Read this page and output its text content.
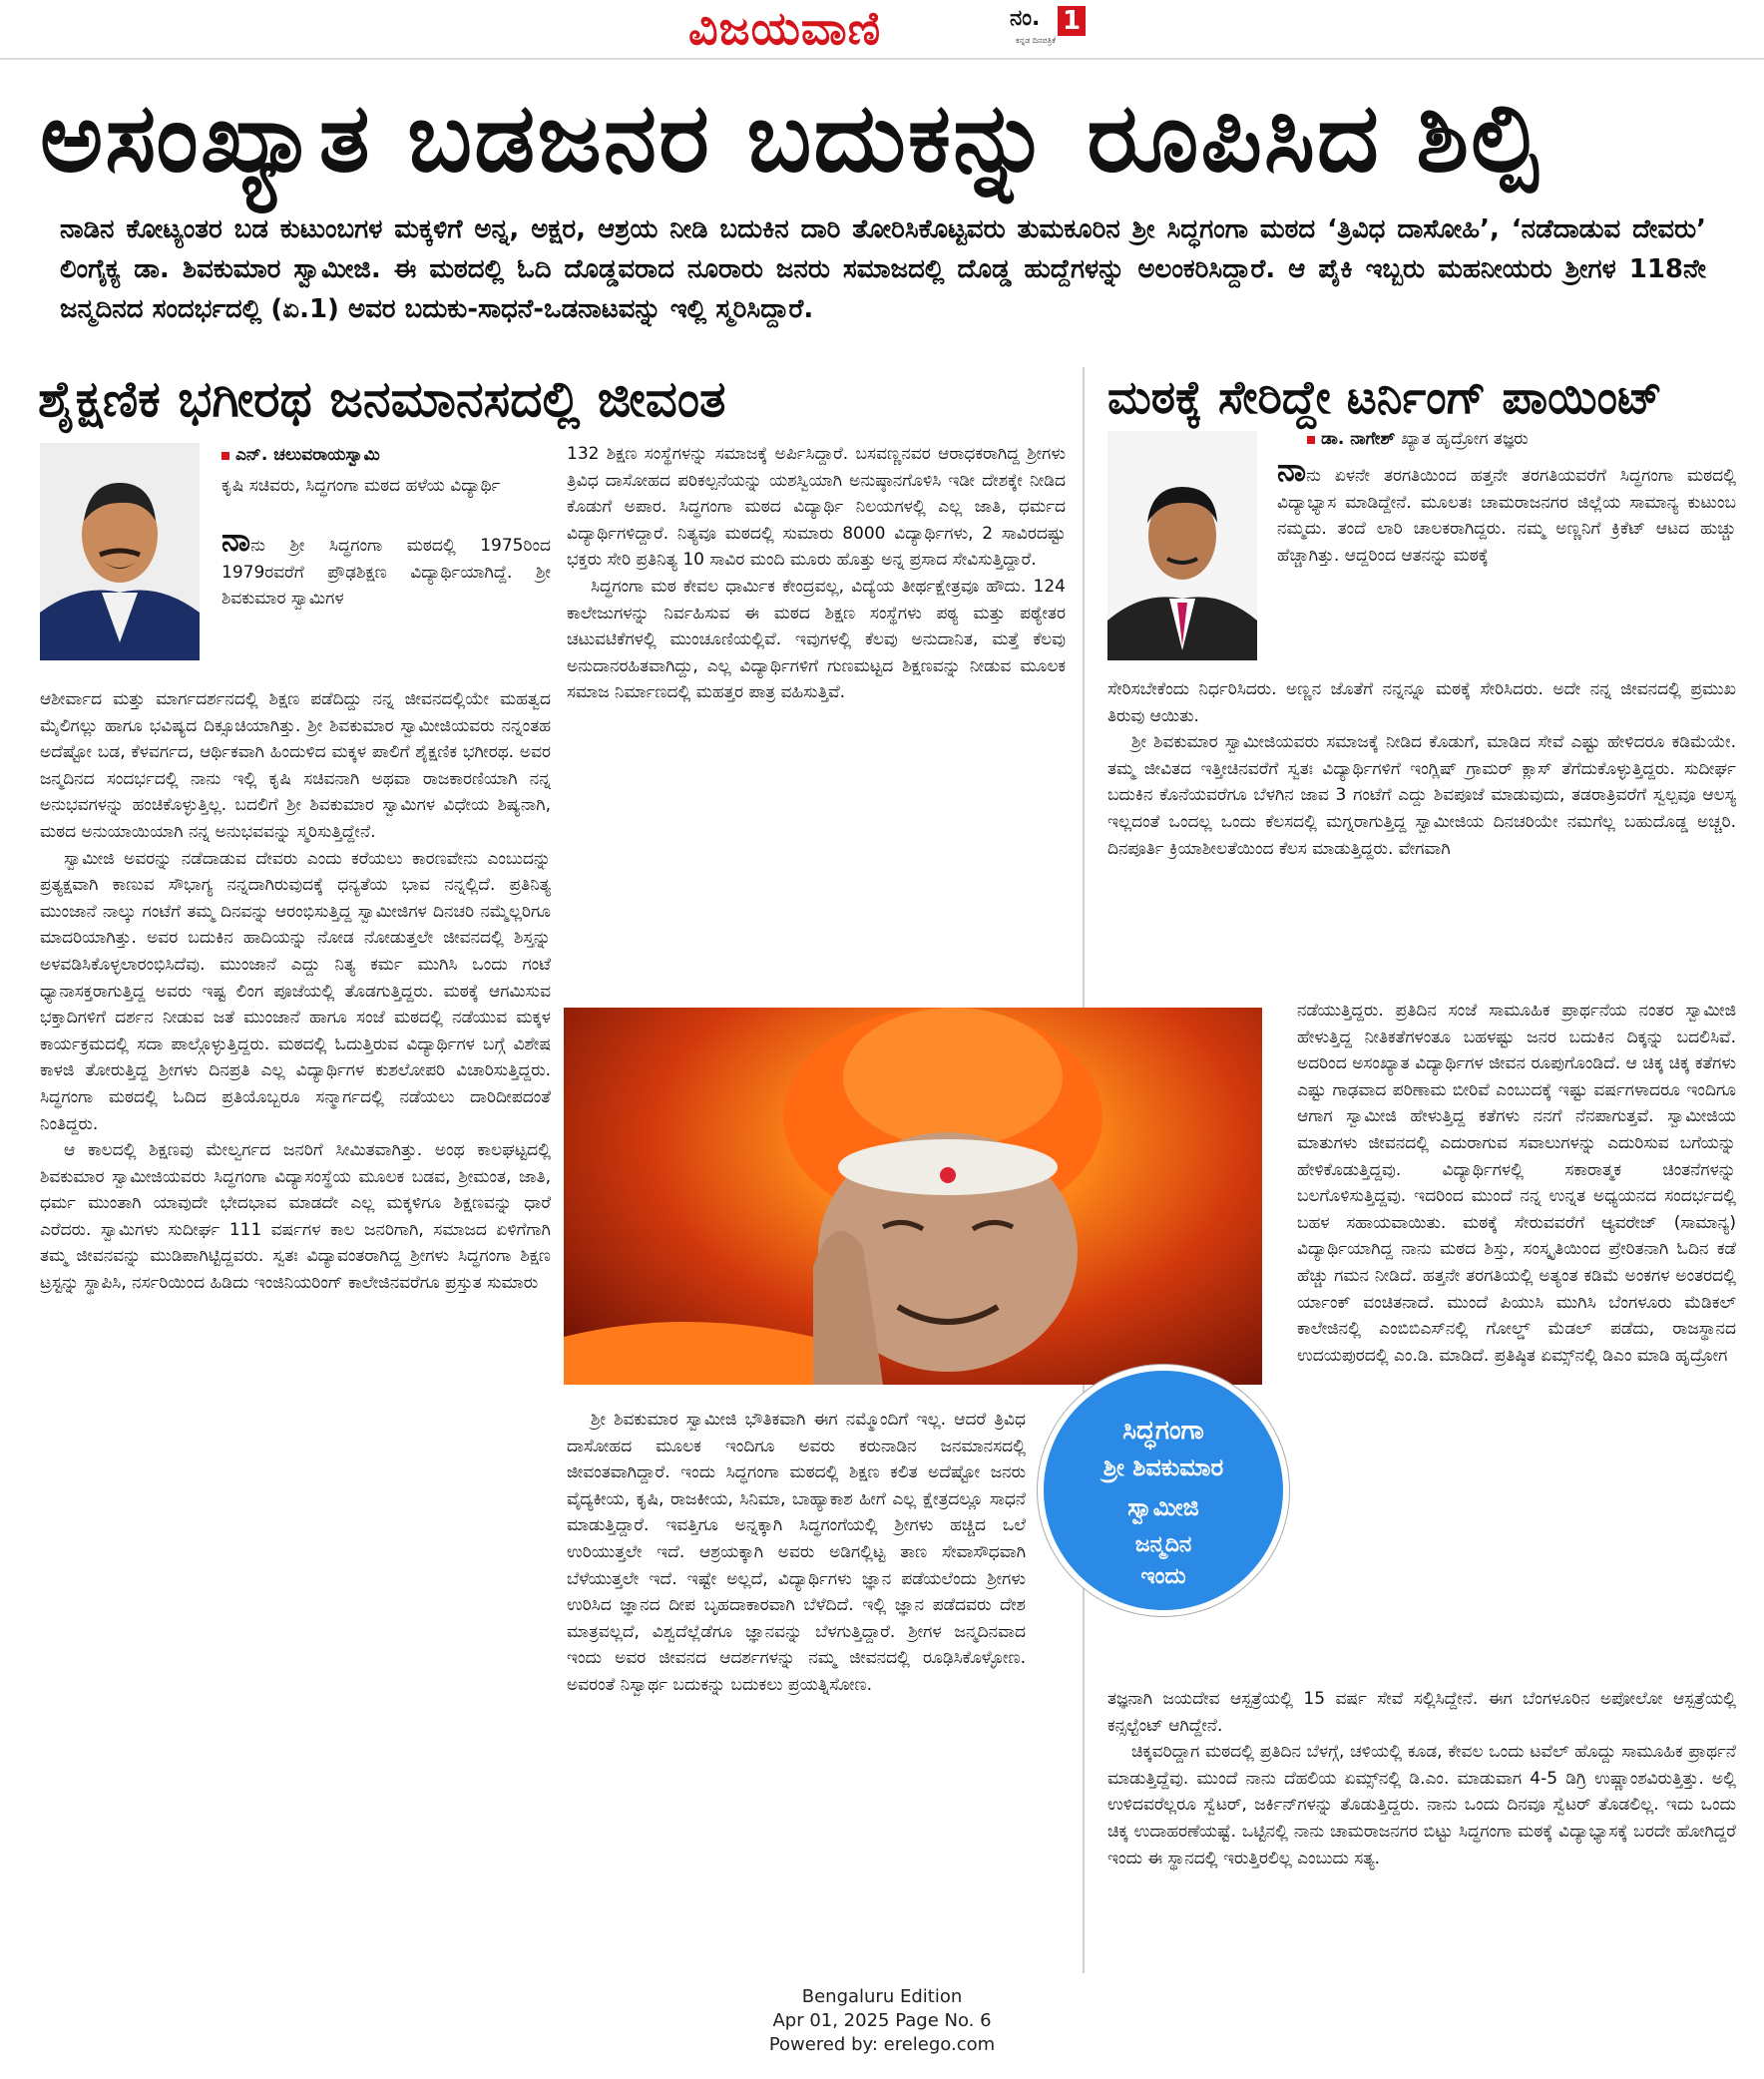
ವಿಜಯವಾಣಿ	ನಂ. 1
ಕನ್ನಡ ದಿನಪತ್ರಿಕೆ
ಅಸಂಖ್ಯಾತ ಬಡಜನರ ಬದುಕನ್ನು ರೂಪಿಸಿದ ಶಿಲ್ಪಿ
ನಾಡಿನ ಕೋಟ್ಯಂತರ ಬಡ ಕುಟುಂಬಗಳ ಮಕ್ಕಳಿಗೆ ಅನ್ನ, ಅಕ್ಷರ, ಆಶ್ರಯ ನೀಡಿ ಬದುಕಿನ ದಾರಿ ತೋರಿಸಿಕೊಟ್ಟವರು ತುಮಕೂರಿನ ಶ್ರೀ ಸಿದ್ಧಗಂಗಾ ಮಠದ ‘ತ್ರಿವಿಧ ದಾಸೋಹಿ’, ‘ನಡೆದಾಡುವ ದೇವರು’ ಲಿಂಗೈಕ್ಯ ಡಾ. ಶಿವಕುಮಾರ ಸ್ವಾಮೀಜಿ. ಈ ಮಠದಲ್ಲಿ ಓದಿ ದೊಡ್ಡವರಾದ ನೂರಾರು ಜನರು ಸಮಾಜದಲ್ಲಿ ದೊಡ್ಡ ಹುದ್ದೆಗಳನ್ನು ಅಲಂಕರಿಸಿದ್ದಾರೆ. ಆ ಪೈಕಿ ಇಬ್ಬರು ಮಹನೀಯರು ಶ್ರೀಗಳ 118ನೇ ಜನ್ಮದಿನದ ಸಂದರ್ಭದಲ್ಲಿ (ಏ.1) ಅವರ ಬದುಕು-ಸಾಧನೆ-ಒಡನಾಟವನ್ನು ಇಲ್ಲಿ ಸ್ಮರಿಸಿದ್ದಾರೆ.
ಶೈಕ್ಷಣಿಕ ಭಗೀರಥ ಜನಮಾನಸದಲ್ಲಿ ಜೀವಂತ	ಮಠಕ್ಕೆ ಸೇರಿದ್ದೇ ಟರ್ನಿಂಗ್ ಪಾಯಿಂಟ್
ಎನ್. ಚಲುವರಾಯಸ್ವಾಮಿ
ಕೃಷಿ ಸಚಿವರು, ಸಿದ್ಧಗಂಗಾ ಮಠದ ಹಳೆಯ ವಿದ್ಯಾರ್ಥಿ

ನಾನು ಶ್ರೀ ಸಿದ್ಧಗಂಗಾ ಮಠದಲ್ಲಿ 1975ರಿಂದ 1979ರವರೆಗೆ ಪ್ರೌಢಶಿಕ್ಷಣ ವಿದ್ಯಾರ್ಥಿಯಾಗಿದ್ದೆ. ಶ್ರೀ ಶಿವಕುಮಾರ ಸ್ವಾಮಿಗಳ

ಆಶೀರ್ವಾದ ಮತ್ತು ಮಾರ್ಗದರ್ಶನದಲ್ಲಿ ಶಿಕ್ಷಣ ಪಡೆದಿದ್ದು ನನ್ನ ಜೀವನದಲ್ಲಿಯೇ ಮಹತ್ವದ ಮೈಲಿಗಲ್ಲು ಹಾಗೂ ಭವಿಷ್ಯದ ದಿಕ್ಸೂಚಿಯಾಗಿತ್ತು. ಶ್ರೀ ಶಿವಕುಮಾರ ಸ್ವಾಮೀಜಿಯವರು ನನ್ನಂತಹ ಅದೆಷ್ಟೋ ಬಡ, ಕೆಳವರ್ಗದ, ಆರ್ಥಿಕವಾಗಿ ಹಿಂದುಳಿದ ಮಕ್ಕಳ ಪಾಲಿಗೆ ಶೈಕ್ಷಣಿಕ ಭಗೀರಥ. ಅವರ ಜನ್ಮದಿನದ ಸಂದರ್ಭದಲ್ಲಿ ನಾನು ಇಲ್ಲಿ ಕೃಷಿ ಸಚಿವನಾಗಿ ಅಥವಾ ರಾಜಕಾರಣಿಯಾಗಿ ನನ್ನ ಅನುಭವಗಳನ್ನು ಹಂಚಿಕೊಳ್ಳುತ್ತಿಲ್ಲ. ಬದಲಿಗೆ ಶ್ರೀ ಶಿವಕುಮಾರ ಸ್ವಾಮಿಗಳ ವಿಧೇಯ ಶಿಷ್ಯನಾಗಿ, ಮಠದ ಅನುಯಾಯಿಯಾಗಿ ನನ್ನ ಅನುಭವವನ್ನು ಸ್ಮರಿಸುತ್ತಿದ್ದೇನೆ.

ಸ್ವಾಮೀಜಿ ಅವರನ್ನು ನಡೆದಾಡುವ ದೇವರು ಎಂದು ಕರೆಯಲು ಕಾರಣವೇನು ಎಂಬುದನ್ನು ಪ್ರತ್ಯಕ್ಷವಾಗಿ ಕಾಣುವ ಸೌಭಾಗ್ಯ ನನ್ನದಾಗಿರುವುದಕ್ಕೆ ಧನ್ಯತೆಯ ಭಾವ ನನ್ನಲ್ಲಿದೆ. ಪ್ರತಿನಿತ್ಯ ಮುಂಜಾನೆ ನಾಲ್ಕು ಗಂಟೆಗೆ ತಮ್ಮ ದಿನವನ್ನು ಆರಂಭಿಸುತ್ತಿದ್ದ ಸ್ವಾಮೀಜಿಗಳ ದಿನಚರಿ ನಮ್ಮೆಲ್ಲರಿಗೂ ಮಾದರಿಯಾಗಿತ್ತು. ಅವರ ಬದುಕಿನ ಹಾದಿಯನ್ನು ನೋಡ ನೋಡುತ್ತಲೇ ಜೀವನದಲ್ಲಿ ಶಿಸ್ತನ್ನು ಅಳವಡಿಸಿಕೊಳ್ಳಲಾರಂಭಿಸಿದೆವು. ಮುಂಜಾನೆ ಎದ್ದು ನಿತ್ಯ ಕರ್ಮ ಮುಗಿಸಿ ಒಂದು ಗಂಟೆ ಧ್ಯಾನಾಸಕ್ತರಾಗುತ್ತಿದ್ದ ಅವರು ಇಷ್ಟ ಲಿಂಗ ಪೂಜೆಯಲ್ಲಿ ತೊಡಗುತ್ತಿದ್ದರು. ಮಠಕ್ಕೆ ಆಗಮಿಸುವ ಭಕ್ತಾದಿಗಳಿಗೆ ದರ್ಶನ ನೀಡುವ ಜತೆ ಮುಂಜಾನೆ ಹಾಗೂ ಸಂಜೆ ಮಠದಲ್ಲಿ ನಡೆಯುವ ಮಕ್ಕಳ ಕಾರ್ಯಕ್ರಮದಲ್ಲಿ ಸದಾ ಪಾಲ್ಗೊಳ್ಳುತ್ತಿದ್ದರು. ಮಠದಲ್ಲಿ ಓದುತ್ತಿರುವ ವಿದ್ಯಾರ್ಥಿಗಳ ಬಗ್ಗೆ ವಿಶೇಷ ಕಾಳಜಿ ತೋರುತ್ತಿದ್ದ ಶ್ರೀಗಳು ದಿನಪ್ರತಿ ಎಲ್ಲ ವಿದ್ಯಾರ್ಥಿಗಳ ಕುಶಲೋಪರಿ ವಿಚಾರಿಸುತ್ತಿದ್ದರು. ಸಿದ್ಧಗಂಗಾ ಮಠದಲ್ಲಿ ಓದಿದ ಪ್ರತಿಯೊಬ್ಬರೂ ಸನ್ಮಾರ್ಗದಲ್ಲಿ ನಡೆಯಲು ದಾರಿದೀಪದಂತೆ ನಿಂತಿದ್ದರು.

ಆ ಕಾಲದಲ್ಲಿ ಶಿಕ್ಷಣವು ಮೇಲ್ವರ್ಗದ ಜನರಿಗೆ ಸೀಮಿತವಾಗಿತ್ತು. ಅಂಥ ಕಾಲಘಟ್ಟದಲ್ಲಿ ಶಿವಕುಮಾರ ಸ್ವಾಮೀಜಿಯವರು ಸಿದ್ಧಗಂಗಾ ವಿದ್ಯಾಸಂಸ್ಥೆಯ ಮೂಲಕ ಬಡವ, ಶ್ರೀಮಂತ, ಜಾತಿ, ಧರ್ಮ ಮುಂತಾಗಿ ಯಾವುದೇ ಭೇದಭಾವ ಮಾಡದೇ ಎಲ್ಲ ಮಕ್ಕಳಿಗೂ ಶಿಕ್ಷಣವನ್ನು ಧಾರೆ ಎರೆದರು. ಸ್ವಾಮಿಗಳು ಸುದೀರ್ಘ 111 ವರ್ಷಗಳ ಕಾಲ ಜನರಿಗಾಗಿ, ಸಮಾಜದ ಏಳಿಗೆಗಾಗಿ ತಮ್ಮ ಜೀವನವನ್ನು ಮುಡಿಪಾಗಿಟ್ಟಿದ್ದವರು. ಸ್ವತಃ ವಿದ್ಯಾವಂತರಾಗಿದ್ದ ಶ್ರೀಗಳು ಸಿದ್ಧಗಂಗಾ ಶಿಕ್ಷಣ ಟ್ರಸ್ಟನ್ನು ಸ್ಥಾಪಿಸಿ, ನರ್ಸರಿಯಿಂದ ಹಿಡಿದು ಇಂಜಿನಿಯರಿಂಗ್ ಕಾಲೇಜಿನವರೆಗೂ ಪ್ರಸ್ತುತ ಸುಮಾರು

132 ಶಿಕ್ಷಣ ಸಂಸ್ಥೆಗಳನ್ನು ಸಮಾಜಕ್ಕೆ ಅರ್ಪಿಸಿದ್ದಾರೆ. ಬಸವಣ್ಣನವರ ಆರಾಧಕರಾಗಿದ್ದ ಶ್ರೀಗಳು ತ್ರಿವಿಧ ದಾಸೋಹದ ಪರಿಕಲ್ಪನೆಯನ್ನು ಯಶಸ್ವಿಯಾಗಿ ಅನುಷ್ಠಾನಗೊಳಿಸಿ ಇಡೀ ದೇಶಕ್ಕೇ ನೀಡಿದ ಕೊಡುಗೆ ಅಪಾರ. ಸಿದ್ಧಗಂಗಾ ಮಠದ ವಿದ್ಯಾರ್ಥಿ ನಿಲಯಗಳಲ್ಲಿ ಎಲ್ಲ ಜಾತಿ, ಧರ್ಮದ ವಿದ್ಯಾರ್ಥಿಗಳಿದ್ದಾರೆ. ನಿತ್ಯವೂ ಮಠದಲ್ಲಿ ಸುಮಾರು 8000 ವಿದ್ಯಾರ್ಥಿಗಳು, 2 ಸಾವಿರದಷ್ಟು ಭಕ್ತರು ಸೇರಿ ಪ್ರತಿನಿತ್ಯ 10 ಸಾವಿರ ಮಂದಿ ಮೂರು ಹೊತ್ತು ಅನ್ನ ಪ್ರಸಾದ ಸೇವಿಸುತ್ತಿದ್ದಾರೆ.

ಸಿದ್ಧಗಂಗಾ ಮಠ ಕೇವಲ ಧಾರ್ಮಿಕ ಕೇಂದ್ರವಲ್ಲ, ವಿದ್ಯೆಯ ತೀರ್ಥಕ್ಷೇತ್ರವೂ ಹೌದು. 124 ಕಾಲೇಜುಗಳನ್ನು ನಿರ್ವಹಿಸುವ ಈ ಮಠದ ಶಿಕ್ಷಣ ಸಂಸ್ಥೆಗಳು ಪಠ್ಯ ಮತ್ತು ಪಠ್ಯೇತರ ಚಟುವಟಿಕೆಗಳಲ್ಲಿ ಮುಂಚೂಣಿಯಲ್ಲಿವೆ. ಇವುಗಳಲ್ಲಿ ಕೆಲವು ಅನುದಾನಿತ, ಮತ್ತೆ ಕೆಲವು ಅನುದಾನರಹಿತವಾಗಿದ್ದು, ಎಲ್ಲ ವಿದ್ಯಾರ್ಥಿಗಳಿಗೆ ಗುಣಮಟ್ಟದ ಶಿಕ್ಷಣವನ್ನು ನೀಡುವ ಮೂಲಕ ಸಮಾಜ ನಿರ್ಮಾಣದಲ್ಲಿ ಮಹತ್ತರ ಪಾತ್ರ ವಹಿಸುತ್ತಿವೆ.

ಸಿದ್ಧಗಂಗಾ
ಶ್ರೀ ಶಿವಕುಮಾರ
ಸ್ವಾಮೀಜಿ
ಜನ್ಮದಿನ
ಇಂದು

ಶ್ರೀ ಶಿವಕುಮಾರ ಸ್ವಾಮೀಜಿ ಭೌತಿಕವಾಗಿ ಈಗ ನಮ್ಮೊಂದಿಗೆ ಇಲ್ಲ. ಆದರೆ ತ್ರಿವಿಧ ದಾಸೋಹದ ಮೂಲಕ ಇಂದಿಗೂ ಅವರು ಕರುನಾಡಿನ ಜನಮಾನಸದಲ್ಲಿ ಜೀವಂತವಾಗಿದ್ದಾರೆ. ಇಂದು ಸಿದ್ಧಗಂಗಾ ಮಠದಲ್ಲಿ ಶಿಕ್ಷಣ ಕಲಿತ ಅದೆಷ್ಟೋ ಜನರು ವೈದ್ಯಕೀಯ, ಕೃಷಿ, ರಾಜಕೀಯ, ಸಿನಿಮಾ, ಬಾಹ್ಯಾಕಾಶ ಹೀಗೆ ಎಲ್ಲ ಕ್ಷೇತ್ರದಲ್ಲೂ ಸಾಧನೆ ಮಾಡುತ್ತಿದ್ದಾರೆ. ಇವತ್ತಿಗೂ ಅನ್ನಕ್ಕಾಗಿ ಸಿದ್ಧಗಂಗೆಯಲ್ಲಿ ಶ್ರೀಗಳು ಹಚ್ಚಿದ ಒಲೆ ಉರಿಯುತ್ತಲೇ ಇದೆ. ಆಶ್ರಯಕ್ಕಾಗಿ ಅವರು ಅಡಿಗಲ್ಲಿಟ್ಟ ತಾಣ ಸೇವಾಸೌಧವಾಗಿ ಬೆಳೆಯುತ್ತಲೇ ಇದೆ. ಇಷ್ಟೇ ಅಲ್ಲದೆ, ವಿದ್ಯಾರ್ಥಿಗಳು ಜ್ಞಾನ ಪಡೆಯಲೆಂದು ಶ್ರೀಗಳು ಉರಿಸಿದ ಜ್ಞಾನದ ದೀಪ ಬೃಹದಾಕಾರವಾಗಿ ಬೆಳೆದಿದೆ. ಇಲ್ಲಿ ಜ್ಞಾನ ಪಡೆದವರು ದೇಶ ಮಾತ್ರವಲ್ಲದೆ, ವಿಶ್ವದೆಲ್ಲೆಡೆಗೂ ಜ್ಞಾನವನ್ನು ಬೆಳಗುತ್ತಿದ್ದಾರೆ. ಶ್ರೀಗಳ ಜನ್ಮದಿನವಾದ ಇಂದು ಅವರ ಜೀವನದ ಆದರ್ಶಗಳನ್ನು ನಮ್ಮ ಜೀವನದಲ್ಲಿ ರೂಢಿಸಿಕೊಳ್ಳೋಣ. ಅವರಂತೆ ನಿಸ್ವಾರ್ಥ ಬದುಕನ್ನು ಬದುಕಲು ಪ್ರಯತ್ನಿಸೋಣ.

ಡಾ. ನಾಗೇಶ್ ಖ್ಯಾತ ಹೃದ್ರೋಗ ತಜ್ಞರು

ನಾನು ಏಳನೇ ತರಗತಿಯಿಂದ ಹತ್ತನೇ ತರಗತಿಯವರೆಗೆ ಸಿದ್ಧಗಂಗಾ ಮಠದಲ್ಲಿ ವಿದ್ಯಾಭ್ಯಾಸ ಮಾಡಿದ್ದೇನೆ. ಮೂಲತಃ ಚಾಮರಾಜನಗರ ಜಿಲ್ಲೆಯ ಸಾಮಾನ್ಯ ಕುಟುಂಬ ನಮ್ಮದು. ತಂದೆ ಲಾರಿ ಚಾಲಕರಾಗಿದ್ದರು. ನಮ್ಮ ಅಣ್ಣನಿಗೆ ಕ್ರಿಕೆಟ್ ಆಟದ ಹುಚ್ಚು ಹೆಚ್ಚಾಗಿತ್ತು. ಆದ್ದರಿಂದ ಆತನನ್ನು ಮಠಕ್ಕೆ

ಸೇರಿಸಬೇಕೆಂದು ನಿರ್ಧರಿಸಿದರು. ಅಣ್ಣನ ಜೊತೆಗೆ ನನ್ನನ್ನೂ ಮಠಕ್ಕೆ ಸೇರಿಸಿದರು. ಅದೇ ನನ್ನ ಜೀವನದಲ್ಲಿ ಪ್ರಮುಖ ತಿರುವು ಆಯಿತು.

ಶ್ರೀ ಶಿವಕುಮಾರ ಸ್ವಾಮೀಜಿಯವರು ಸಮಾಜಕ್ಕೆ ನೀಡಿದ ಕೊಡುಗೆ, ಮಾಡಿದ ಸೇವೆ ಎಷ್ಟು ಹೇಳಿದರೂ ಕಡಿಮೆಯೇ. ತಮ್ಮ ಜೀವಿತದ ಇತ್ತೀಚಿನವರೆಗೆ ಸ್ವತಃ ವಿದ್ಯಾರ್ಥಿಗಳಿಗೆ ಇಂಗ್ಲಿಷ್ ಗ್ರಾಮರ್ ಕ್ಲಾಸ್ ತೆಗೆದುಕೊಳ್ಳುತ್ತಿದ್ದರು. ಸುದೀರ್ಘ ಬದುಕಿನ ಕೊನೆಯವರೆಗೂ ಬೆಳಗಿನ ಜಾವ 3 ಗಂಟೆಗೆ ಎದ್ದು ಶಿವಪೂಜೆ ಮಾಡುವುದು, ತಡರಾತ್ರಿವರೆಗೆ ಸ್ವಲ್ಪವೂ ಆಲಸ್ಯ ಇಲ್ಲದಂತೆ ಒಂದಲ್ಲ ಒಂದು ಕೆಲಸದಲ್ಲಿ ಮಗ್ನರಾಗುತ್ತಿದ್ದ ಸ್ವಾಮೀಜಿಯ ದಿನಚರಿಯೇ ನಮಗೆಲ್ಲ ಬಹುದೊಡ್ಡ ಅಚ್ಚರಿ. ದಿನಪೂರ್ತಿ ಕ್ರಿಯಾಶೀಲತೆಯಿಂದ ಕೆಲಸ ಮಾಡುತ್ತಿದ್ದರು. ವೇಗವಾಗಿ

ನಡೆಯುತ್ತಿದ್ದರು. ಪ್ರತಿದಿನ ಸಂಜೆ ಸಾಮೂಹಿಕ ಪ್ರಾರ್ಥನೆಯ ನಂತರ ಸ್ವಾಮೀಜಿ ಹೇಳುತ್ತಿದ್ದ ನೀತಿಕತೆಗಳಂತೂ ಬಹಳಷ್ಟು ಜನರ ಬದುಕಿನ ದಿಕ್ಕನ್ನು ಬದಲಿಸಿವೆ. ಅದರಿಂದ ಅಸಂಖ್ಯಾತ ವಿದ್ಯಾರ್ಥಿಗಳ ಜೀವನ ರೂಪುಗೊಂಡಿದೆ. ಆ ಚಿಕ್ಕ ಚಿಕ್ಕ ಕತೆಗಳು ಎಷ್ಟು ಗಾಢವಾದ ಪರಿಣಾಮ ಬೀರಿವೆ ಎಂಬುದಕ್ಕೆ ಇಷ್ಟು ವರ್ಷಗಳಾದರೂ ಇಂದಿಗೂ ಆಗಾಗ ಸ್ವಾಮೀಜಿ ಹೇಳುತ್ತಿದ್ದ ಕತೆಗಳು ನನಗೆ ನೆನಪಾಗುತ್ತವೆ. ಸ್ವಾಮೀಜಿಯ ಮಾತುಗಳು ಜೀವನದಲ್ಲಿ ಎದುರಾಗುವ ಸವಾಲುಗಳನ್ನು ಎದುರಿಸುವ ಬಗೆಯನ್ನು ಹೇಳಿಕೊಡುತ್ತಿದ್ದವು. ವಿದ್ಯಾರ್ಥಿಗಳಲ್ಲಿ ಸಕಾರಾತ್ಮಕ ಚಿಂತನೆಗಳನ್ನು ಬಲಗೊಳಿಸುತ್ತಿದ್ದವು. ಇದರಿಂದ ಮುಂದೆ ನನ್ನ ಉನ್ನತ ಅಧ್ಯಯನದ ಸಂದರ್ಭದಲ್ಲಿ ಬಹಳ ಸಹಾಯವಾಯಿತು. ಮಠಕ್ಕೆ ಸೇರುವವರೆಗೆ ಆ್ಯವರೇಜ್ (ಸಾಮಾನ್ಯ) ವಿದ್ಯಾರ್ಥಿಯಾಗಿದ್ದ ನಾನು ಮಠದ ಶಿಸ್ತು, ಸಂಸ್ಕೃತಿಯಿಂದ ಪ್ರೇರಿತನಾಗಿ ಓದಿನ ಕಡೆ ಹೆಚ್ಚು ಗಮನ ನೀಡಿದೆ. ಹತ್ತನೇ ತರಗತಿಯಲ್ಲಿ ಅತ್ಯಂತ ಕಡಿಮೆ ಅಂಕಗಳ ಅಂತರದಲ್ಲಿ ರ್ಯಾಂಕ್ ವಂಚಿತನಾದೆ. ಮುಂದೆ ಪಿಯುಸಿ ಮುಗಿಸಿ ಬೆಂಗಳೂರು ಮೆಡಿಕಲ್ ಕಾಲೇಜಿನಲ್ಲಿ ಎಂಬಿಬಿಎಸ್‌ನಲ್ಲಿ ಗೋಲ್ಡ್ ಮೆಡಲ್ ಪಡೆದು, ರಾಜಸ್ಥಾನದ ಉದಯಪುರದಲ್ಲಿ ಎಂ.ಡಿ. ಮಾಡಿದೆ. ಪ್ರತಿಷ್ಠಿತ ಏಮ್ಸ್‌ನಲ್ಲಿ ಡಿಎಂ ಮಾಡಿ ಹೃದ್ರೋಗ

ತಜ್ಞನಾಗಿ ಜಯದೇವ ಆಸ್ಪತ್ರೆಯಲ್ಲಿ 15 ವರ್ಷ ಸೇವೆ ಸಲ್ಲಿಸಿದ್ದೇನೆ. ಈಗ ಬೆಂಗಳೂರಿನ ಅಪೋಲೋ ಆಸ್ಪತ್ರೆಯಲ್ಲಿ ಕನ್ಸಲ್ಟೆಂಟ್ ಆಗಿದ್ದೇನೆ.

ಚಿಕ್ಕವರಿದ್ದಾಗ ಮಠದಲ್ಲಿ ಪ್ರತಿದಿನ ಬೆಳಗ್ಗೆ, ಚಳಿಯಲ್ಲಿ ಕೂಡ, ಕೇವಲ ಒಂದು ಟವೆಲ್ ಹೊದ್ದು ಸಾಮೂಹಿಕ ಪ್ರಾರ್ಥನೆ ಮಾಡುತ್ತಿದ್ದೆವು. ಮುಂದೆ ನಾನು ದೆಹಲಿಯ ಏಮ್ಸ್‌ನಲ್ಲಿ ಡಿ.ಎಂ. ಮಾಡುವಾಗ 4-5 ಡಿಗ್ರಿ ಉಷ್ಣಾಂಶವಿರುತ್ತಿತ್ತು. ಅಲ್ಲಿ ಉಳಿದವರೆಲ್ಲರೂ ಸ್ವೆಟರ್, ಜರ್ಕಿನ್‌ಗಳನ್ನು ತೊಡುತ್ತಿದ್ದರು. ನಾನು ಒಂದು ದಿನವೂ ಸ್ವೆಟರ್ ತೊಡಲಿಲ್ಲ. ಇದು ಒಂದು ಚಿಕ್ಕ ಉದಾಹರಣೆಯಷ್ಟೆ. ಒಟ್ಟಿನಲ್ಲಿ ನಾನು ಚಾಮರಾಜನಗರ ಬಿಟ್ಟು ಸಿದ್ಧಗಂಗಾ ಮಠಕ್ಕೆ ವಿದ್ಯಾಭ್ಯಾಸಕ್ಕೆ ಬರದೇ ಹೋಗಿದ್ದರೆ ಇಂದು ಈ ಸ್ಥಾನದಲ್ಲಿ ಇರುತ್ತಿರಲಿಲ್ಲ ಎಂಬುದು ಸತ್ಯ.

Bengaluru Edition
Apr 01, 2025 Page No. 6
Powered by: erelego.com
